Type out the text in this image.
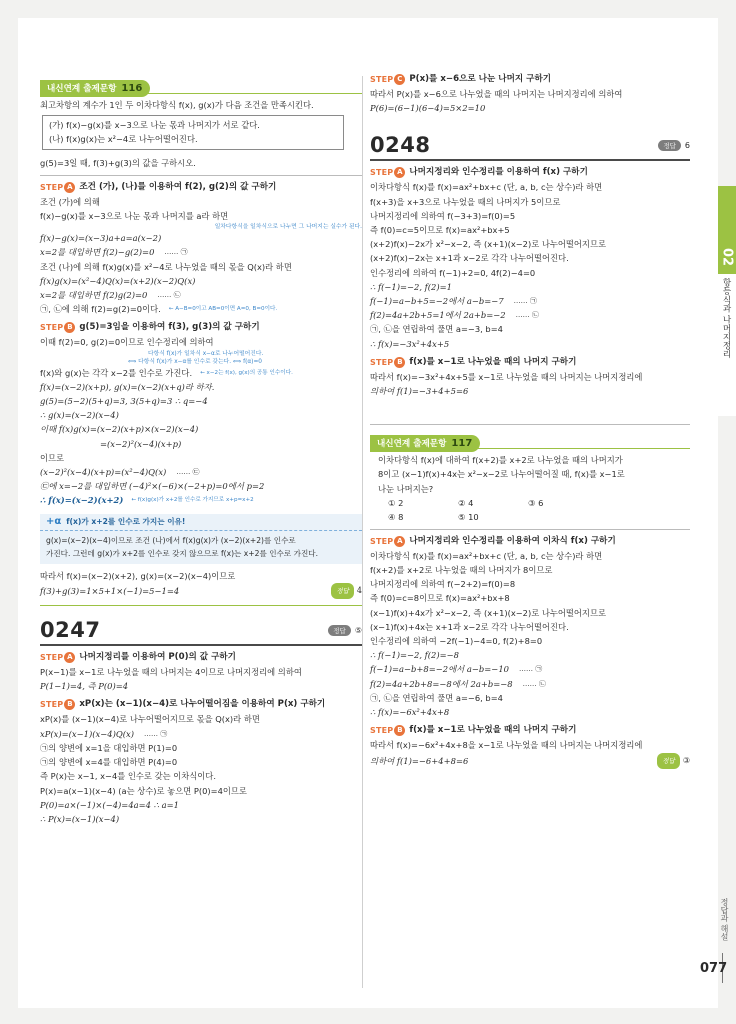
내신연계 출제문항 116
최고차항의 계수가 1인 두 이차다항식 f(x), g(x)가 다음 조건을 만족시킨다.
(가) f(x)−g(x)를 x−3으로 나눈 몫과 나머지가 서로 같다.
(나) f(x)g(x)는 x²−4로 나누어떨어진다.
g(5)=3일 때, f(3)+g(3)의 값을 구하시오.
STEP A 조건 (가), (나)를 이용하여 f(2), g(2)의 값 구하기
조건 (가)에 의해
f(x)−g(x)를 x−3으로 나눈 몫과 나머지를 a라 하면
일차다항식을 일차식으로 나누면 그 나머지는 실수가 된다.
f(x)−g(x)=(x−3)a+a=a(x−2)
x=2를 대입하면 f(2)−g(2)=0 …… ㉠
조건 (나)에 의해 f(x)g(x)를 x²−4로 나누었을 때의 몫을 Q(x)라 하면
f(x)g(x)=(x²−4)Q(x)=(x+2)(x−2)Q(x)
x=2를 대입하면 f(2)g(2)=0 …… ㉡
㉠, ㉡에 의해 f(2)=g(2)=0이다. ← A−B=0이고 AB=0이면 A=0, B=0이다.
STEP B g(5)=3임을 이용하여 f(3), g(3)의 값 구하기
이때 f(2)=0, g(2)=0이므로 인수정리에 의하여
다항식 f(x)가 일차식 x−α로 나누어떨어진다.
⟺ 다항식 f(x)가 x−α를 인수로 갖는다. ⟺ f(α)=0
f(x)와 g(x)는 각각 x−2를 인수로 가진다. ← x−2는 f(x), g(x)의 공통 인수이다.
f(x)=(x−2)(x+p), g(x)=(x−2)(x+q)라 하자.
g(5)=(5−2)(5+q)=3, 3(5+q)=3 ∴ q=−4
∴ g(x)=(x−2)(x−4)
이때 f(x)g(x)=(x−2)(x+p)×(x−2)(x−4)
=(x−2)²(x−4)(x+p)
이므로
(x−2)²(x−4)(x+p)=(x²−4)Q(x) …… ㉢
㉢에 x=−2를 대입하면 (−4)²×(−6)×(−2+p)=0에서 p=2
∴ f(x)=(x−2)(x+2) ← f(x)g(x)가 x+2를 인수로 가지므로 x+p=x+2
+α f(x)가 x+2를 인수로 가지는 이유!
g(x)=(x−2)(x−4)이므로 조건 (나)에서 f(x)g(x)가 (x−2)(x+2)를 인수로
가진다. 그런데 g(x)가 x+2를 인수로 갖지 않으므로 f(x)는 x+2를 인수로 가진다.
따라서 f(x)=(x−2)(x+2), g(x)=(x−2)(x−4)이므로
f(3)+g(3)=1×5+1×(−1)=5−1=4	정답	4
0247	정답	⑤
STEP A 나머지정리를 이용하여 P(0)의 값 구하기
P(x−1)를 x−1로 나누었을 때의 나머지는 4이므로 나머지정리에 의하여
P(1−1)=4, 즉 P(0)=4
STEP B xP(x)는 (x−1)(x−4)로 나누어떨어짐을 이용하여 P(x) 구하기
xP(x)를 (x−1)(x−4)로 나누어떨어지므로 몫을 Q(x)라 하면
xP(x)=(x−1)(x−4)Q(x) …… ㉠
㉠의 양변에 x=1을 대입하면 P(1)=0
㉠의 양변에 x=4를 대입하면 P(4)=0
즉 P(x)는 x−1, x−4를 인수로 갖는 이차식이다.
P(x)=a(x−1)(x−4) (a는 상수)로 놓으면 P(0)=4이므로
P(0)=a×(−1)×(−4)=4a=4 ∴ a=1
∴ P(x)=(x−1)(x−4)
STEP C P(x)를 x−6으로 나눈 나머지 구하기
따라서 P(x)를 x−6으로 나누었을 때의 나머지는 나머지정리에 의하여
P(6)=(6−1)(6−4)=5×2=10
0248	정답	6
STEP A 나머지정리와 인수정리를 이용하여 f(x) 구하기
이차다항식 f(x)를 f(x)=ax²+bx+c (단, a, b, c는 상수)라 하면
f(x+3)을 x+3으로 나누었을 때의 나머지가 5이므로
나머지정리에 의하여 f(−3+3)=f(0)=5
즉 f(0)=c=5이므로 f(x)=ax²+bx+5
(x+2)f(x)−2x가 x²−x−2, 즉 (x+1)(x−2)로 나누어떨어지므로
(x+2)f(x)−2x는 x+1과 x−2로 각각 나누어떨어진다.
인수정리에 의하여 f(−1)+2=0, 4f(2)−4=0
∴ f(−1)=−2, f(2)=1
f(−1)=a−b+5=−2에서 a−b=−7 …… ㉠
f(2)=4a+2b+5=1에서 2a+b=−2 …… ㉡
㉠, ㉡을 연립하여 풀면 a=−3, b=4
∴ f(x)=−3x²+4x+5
STEP B f(x)를 x−1로 나누었을 때의 나머지 구하기
따라서 f(x)=−3x²+4x+5를 x−1로 나누었을 때의 나머지는 나머지정리에
의하여 f(1)=−3+4+5=6
내신연계 출제문항 117
이차다항식 f(x)에 대하여 f(x+2)를 x+2로 나누었을 때의 나머지가
8이고 (x−1)f(x)+4x는 x²−x−2로 나누어떨어질 때, f(x)를 x−1로
나눈 나머지는?
① 2	② 4	③ 6
④ 8	⑤ 10
STEP A 나머지정리와 인수정리를 이용하여 이차식 f(x) 구하기
이차다항식 f(x)를 f(x)=ax²+bx+c (단, a, b, c는 상수)라 하면
f(x+2)를 x+2로 나누었을 때의 나머지가 8이므로
나머지정리에 의하여 f(−2+2)=f(0)=8
즉 f(0)=c=8이므로 f(x)=ax²+bx+8
(x−1)f(x)+4x가 x²−x−2, 즉 (x+1)(x−2)로 나누어떨어지므로
(x−1)f(x)+4x는 x+1과 x−2로 각각 나누어떨어진다.
인수정리에 의하여 −2f(−1)−4=0, f(2)+8=0
∴ f(−1)=−2, f(2)=−8
f(−1)=a−b+8=−2에서 a−b=−10 …… ㉠
f(2)=4a+2b+8=−8에서 2a+b=−8 …… ㉡
㉠, ㉡을 연립하여 풀면 a=−6, b=4
∴ f(x)=−6x²+4x+8
STEP B f(x)를 x−1로 나누었을 때의 나머지 구하기
따라서 f(x)=−6x²+4x+8을 x−1로 나누었을 때의 나머지는 나머지정리에
의하여 f(1)=−6+4+8=6	정답	③
02
항등식과 나머지정리
정답과 해설
077
